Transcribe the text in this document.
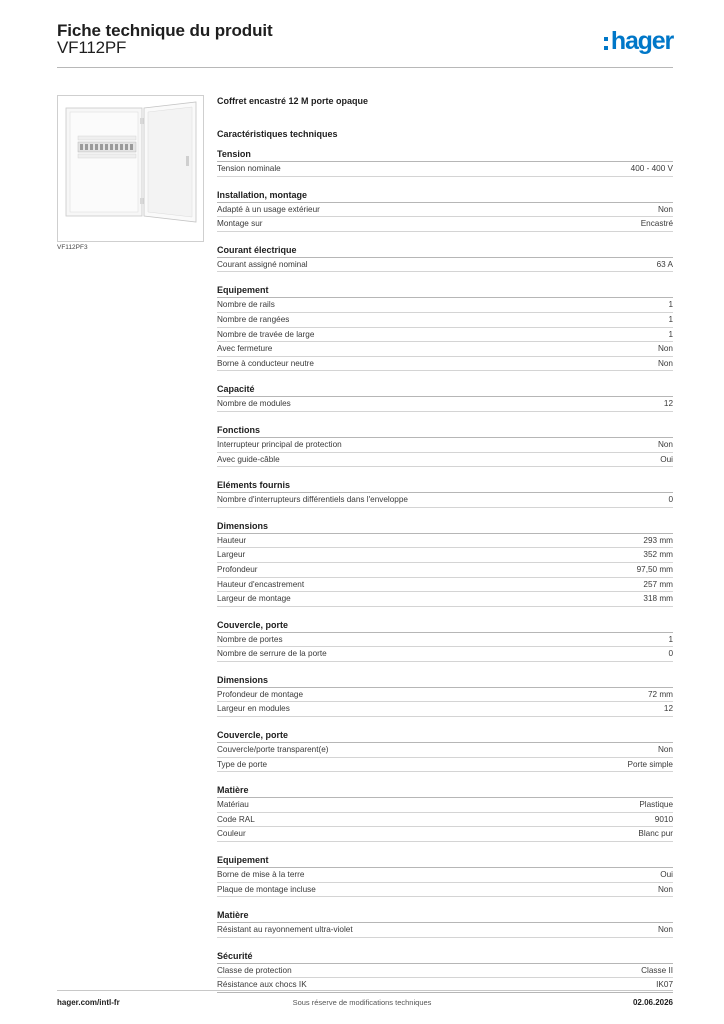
Fiche technique du produit
VF112PF	hager
VF112PF3
Coffret encastré 12 M porte opaque
Caractéristiques techniques
Tension
Tension nominale	400 - 400 V
Installation, montage
Adapté à un usage extérieur	Non
Montage sur	Encastré
Courant électrique
Courant assigné nominal	63 A
Equipement
Nombre de rails	1
Nombre de rangées	1
Nombre de travée de large	1
Avec fermeture	Non
Borne à conducteur neutre	Non
Capacité
Nombre de modules	12
Fonctions
Interrupteur principal de protection	Non
Avec guide-câble	Oui
Eléments fournis
Nombre d'interrupteurs différentiels dans l'enveloppe	0
Dimensions
Hauteur	293 mm
Largeur	352 mm
Profondeur	97,50 mm
Hauteur d'encastrement	257 mm
Largeur de montage	318 mm
Couvercle, porte
Nombre de portes	1
Nombre de serrure de la porte	0
Dimensions
Profondeur de montage	72 mm
Largeur en modules	12
Couvercle, porte
Couvercle/porte transparent(e)	Non
Type de porte	Porte simple
Matière
Matériau	Plastique
Code RAL	9010
Couleur	Blanc pur
Equipement
Borne de mise à la terre	Oui
Plaque de montage incluse	Non
Matière
Résistant au rayonnement ultra-violet	Non
Sécurité
Classe de protection	Classe II
Résistance aux chocs IK	IK07
hager.com/intl-fr	Sous réserve de modifications techniques	02.06.2026
